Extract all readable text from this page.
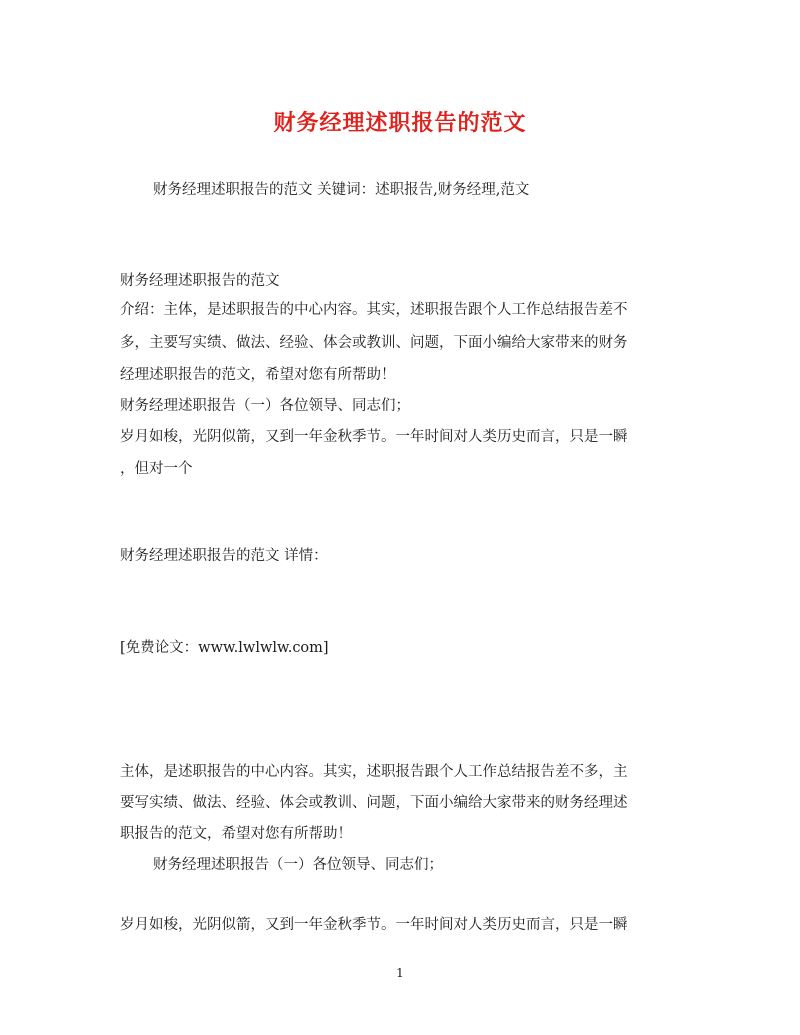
财务经理述职报告的范文
财务经理述职报告的范文 关键词：述职报告,财务经理,范文
财务经理述职报告的范文
介绍：主体，是述职报告的中心内容。其实，述职报告跟个人工作总结报告差不
多，主要写实绩、做法、经验、体会或教训、问题，下面小编给大家带来的财务
经理述职报告的范文，希望对您有所帮助！
财务经理述职报告（一）各位领导、同志们；
岁月如梭，光阴似箭，又到一年金秋季节。一年时间对人类历史而言，只是一瞬
，但对一个
财务经理述职报告的范文 详情：
[免费论文：www.lwlwlw.com]
主体，是述职报告的中心内容。其实，述职报告跟个人工作总结报告差不多，主
要写实绩、做法、经验、体会或教训、问题，下面小编给大家带来的财务经理述
职报告的范文，希望对您有所帮助！
财务经理述职报告（一）各位领导、同志们；
岁月如梭，光阴似箭，又到一年金秋季节。一年时间对人类历史而言，只是一瞬
1
